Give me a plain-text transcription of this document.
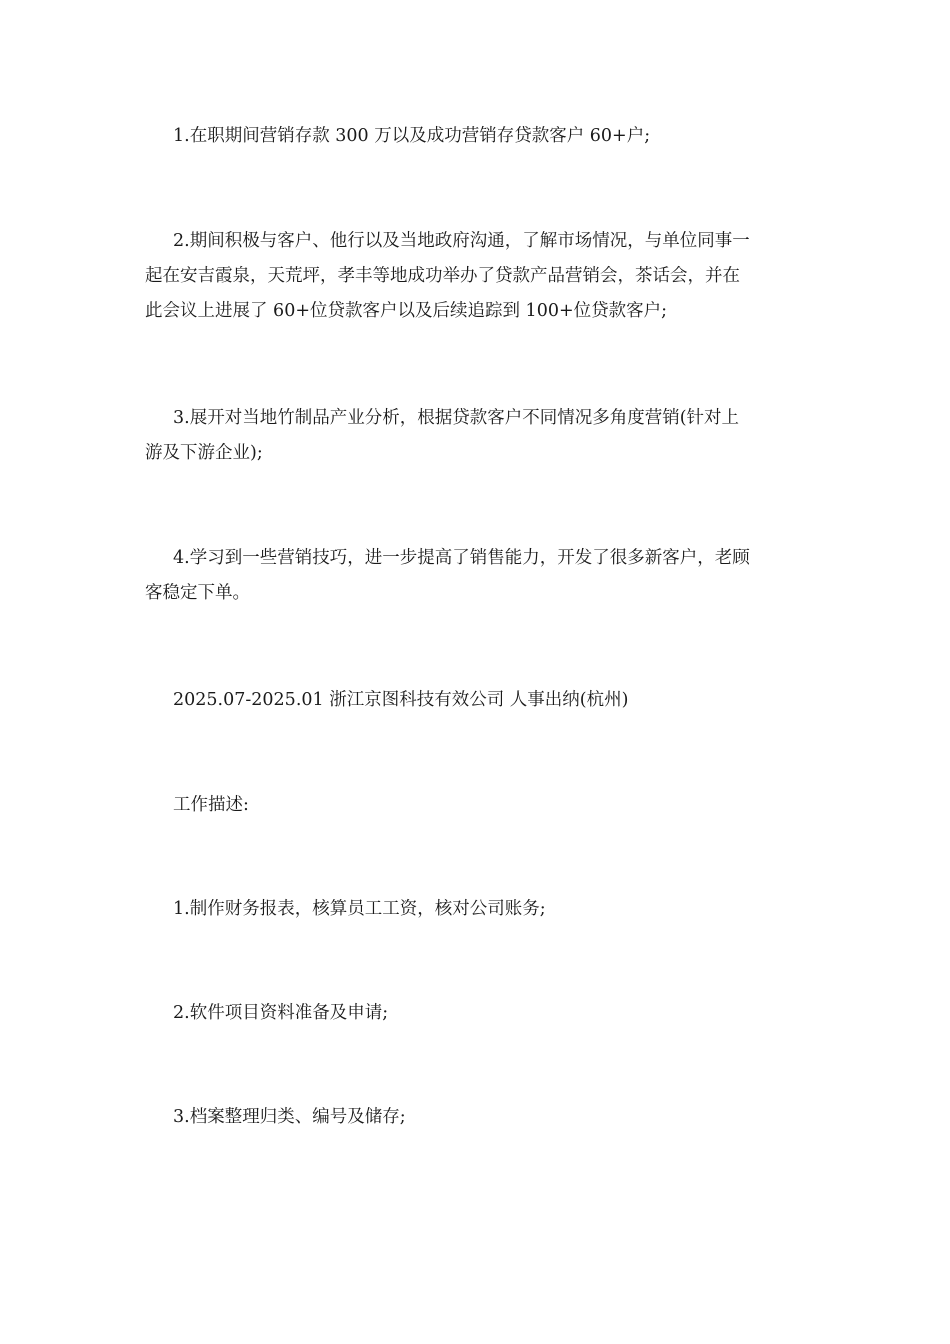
1.在职期间营销存款 300 万以及成功营销存贷款客户 60+户;

2.期间积极与客户、他行以及当地政府沟通，了解市场情况，与单位同事一
起在安吉霞泉，天荒坪，孝丰等地成功举办了贷款产品营销会，茶话会，并在
此会议上进展了 60+位贷款客户以及后续追踪到 100+位贷款客户;

3.展开对当地竹制品产业分析，根据贷款客户不同情况多角度营销(针对上
游及下游企业);

4.学习到一些营销技巧，进一步提高了销售能力，开发了很多新客户，老顾
客稳定下单。

2025.07-2025.01 浙江京图科技有效公司 人事出纳(杭州)

工作描述:

1.制作财务报表，核算员工工资，核对公司账务;

2.软件项目资料准备及申请;

3.档案整理归类、编号及储存;
